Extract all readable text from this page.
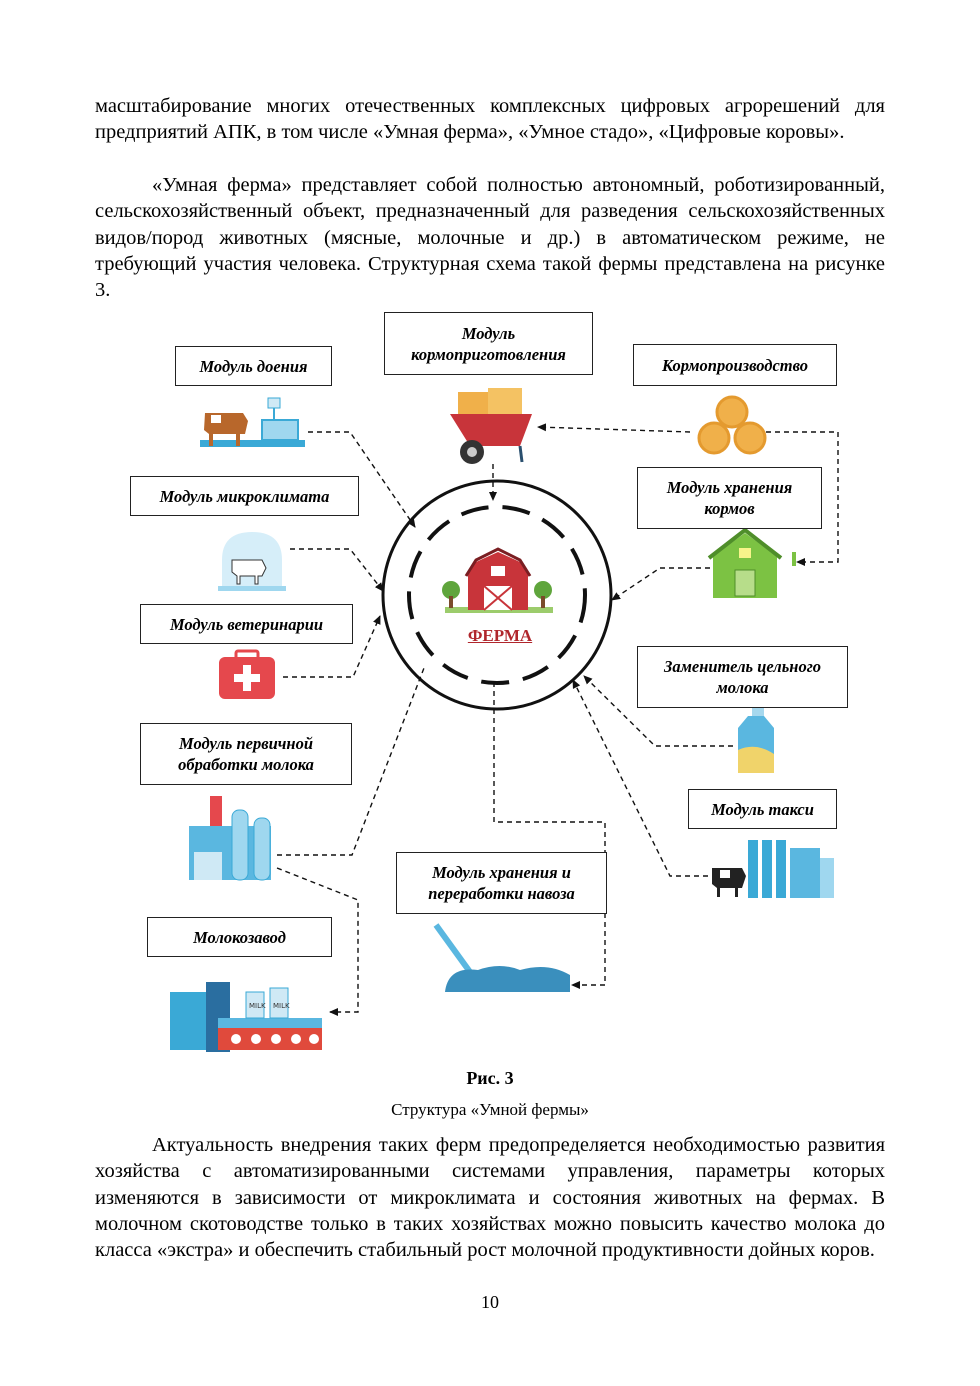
масштабирование многих отечественных комплексных цифровых агрорешений для предприятий АПК, в том числе «Умная ферма», «Умное стадо», «Цифровые коровы».

«Умная ферма» представляет собой полностью автономный, роботизированный, сельскохозяйственный объект, предназначенный для разведения сельскохозяйственных видов/пород животных (мясные, молочные и др.) в автоматическом режиме, не требующий участия человека. Структурная схема такой фермы представлена на рисунке 3.

MILK MILK
ФЕРМА
Модуль доения
Модуль кормоприготовления
Кормопроизводство
Модуль микроклимата	Модуль хранения кормов
Модуль ветеринарии
Заменитель цельного молока
Модуль первичной обработки молока
Модуль такси
Модуль хранения и переработки навоза
Молокозавод
Рис. 3
Структура «Умной фермы»

Актуальность внедрения таких ферм предопределяется необходимостью развития хозяйства с автоматизированными системами управления, параметры которых изменяются в зависимости от микроклимата и состояния животных на фермах. В молочном скотоводстве только в таких хозяйствах можно повысить качество молока до класса «экстра» и обеспечить стабильный рост молочной продуктивности дойных коров.

10
